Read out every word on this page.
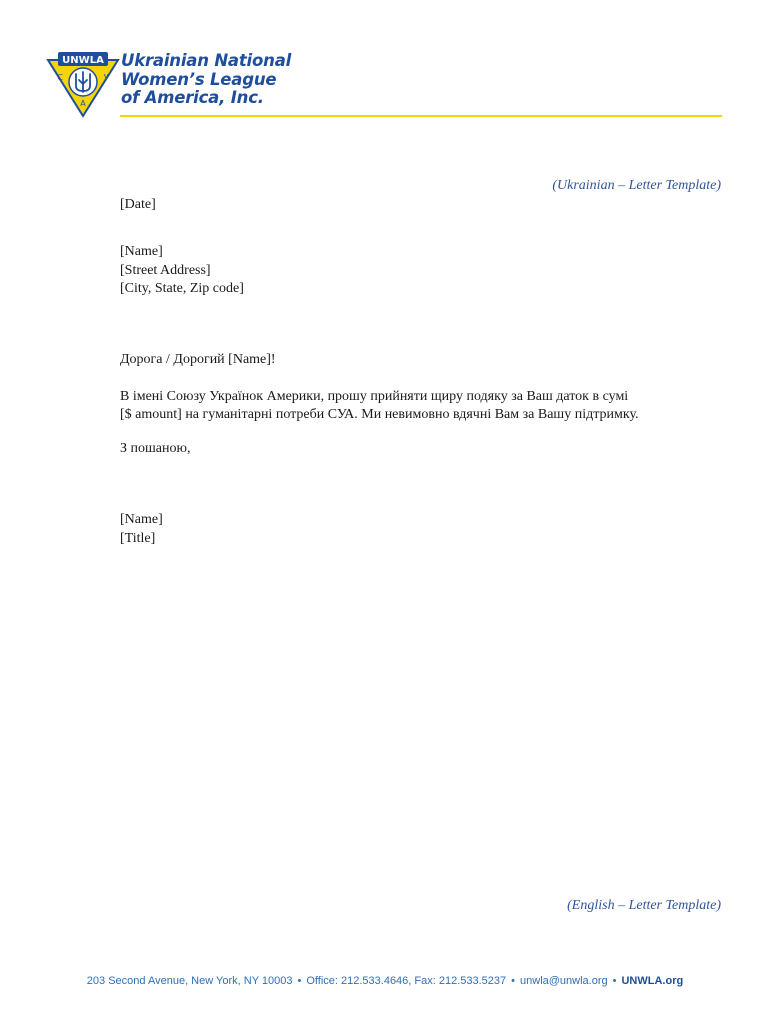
UNWLA
С	У
А
Ukrainian National
Women’s League
of America, Inc.
(Ukrainian – Letter Template)
[Date]
[Name]
[Street Address]
[City, State, Zip code]
Дорога / Дорогий [Name]!
В імені Союзу Українок Америки, прошу прийняти щиру подяку за Ваш даток в сумі
[$ amount] на гуманітарні потреби СУА. Ми невимовно вдячні Вам за Вашу підтримку.
З пошаною,
[Name]
[Title]
(English – Letter Template)
203 Second Avenue, New York, NY 10003 • Office: 212.533.4646, Fax: 212.533.5237 • unwla@unwla.org • UNWLA.org
